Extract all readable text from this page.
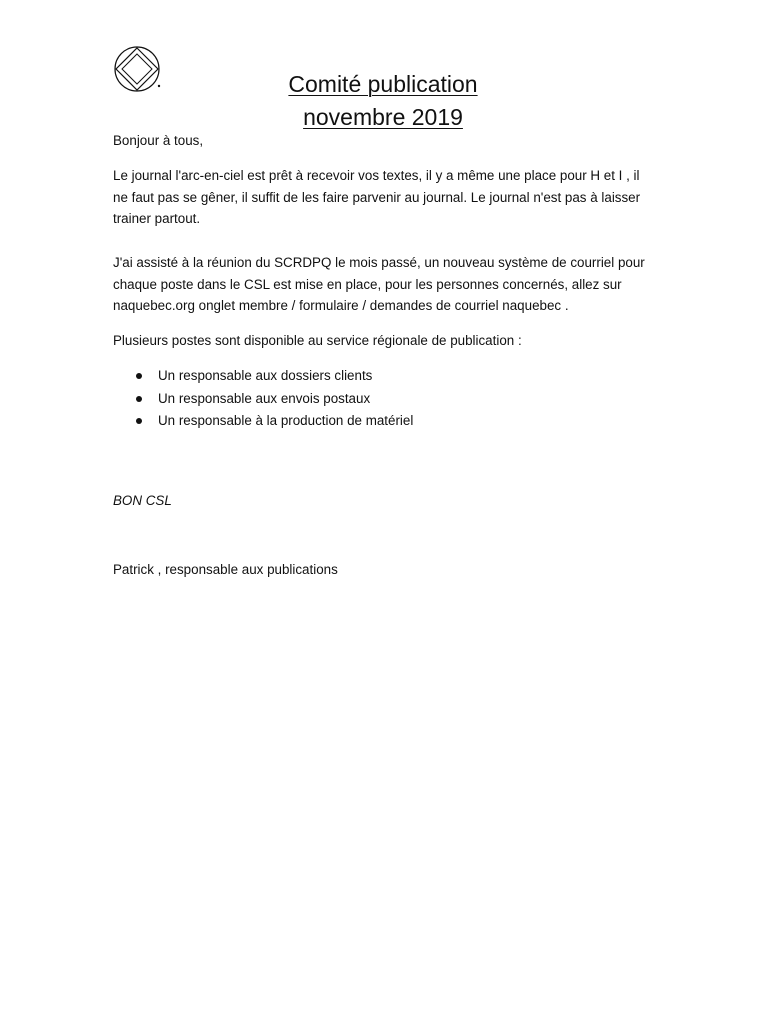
Comité publication
novembre 2019

Bonjour à tous,

Le journal l'arc-en-ciel est prêt à recevoir vos textes, il y a même une place pour H et I , il ne faut pas se gêner, il suffit de les faire parvenir au journal. Le journal n'est pas à laisser trainer partout.

J'ai assisté à la réunion du SCRDPQ le mois passé, un nouveau système de courriel pour chaque poste dans le CSL est mise en place, pour les personnes concernés, allez sur naquebec.org onglet membre / formulaire / demandes de courriel naquebec .

Plusieurs postes sont disponible au service régionale de publication :

Un responsable aux dossiers clients
Un responsable aux envois postaux
Un responsable à la production de matériel

BON CSL

Patrick , responsable aux publications
